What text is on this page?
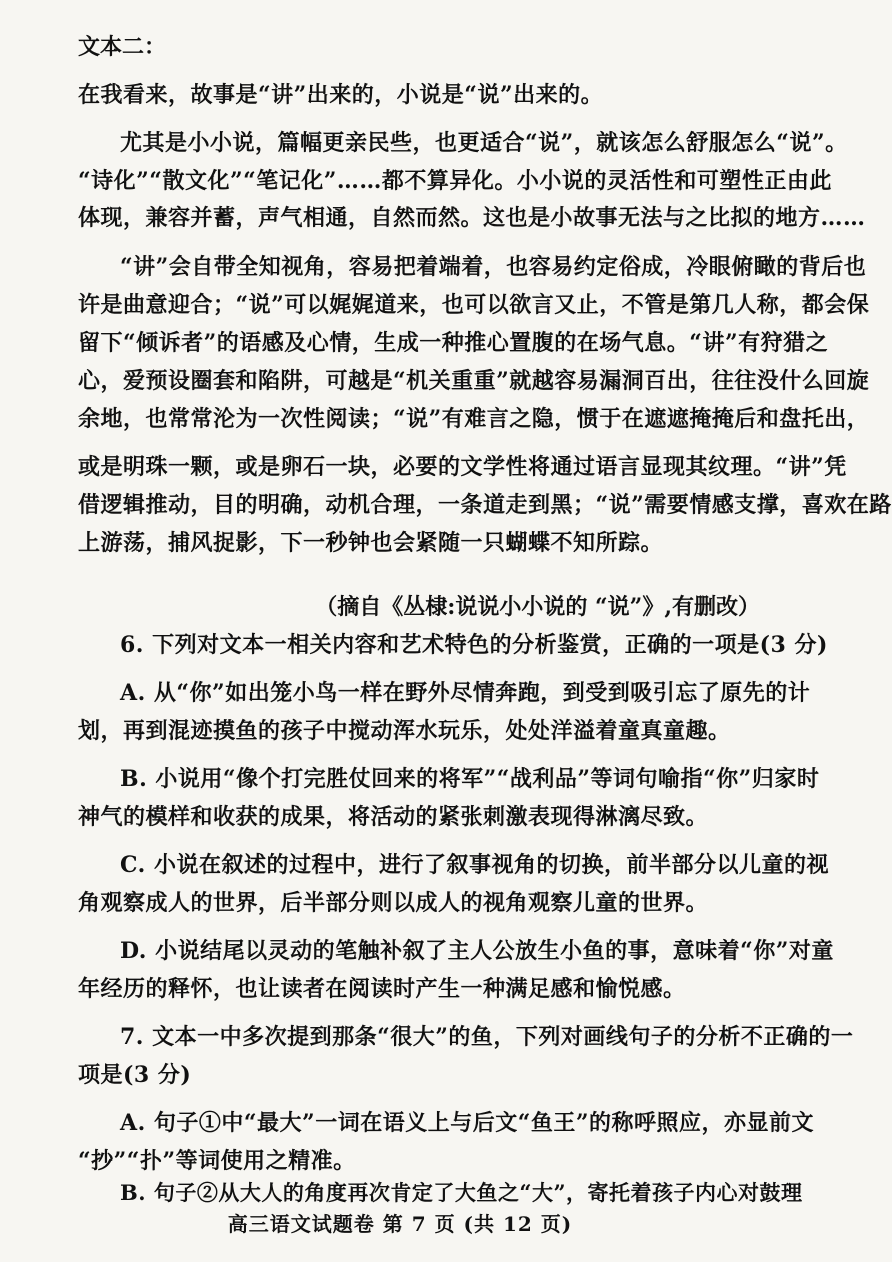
文本二：
在我看来，故事是“讲”出来的，小说是“说”出来的。
尤其是小小说，篇幅更亲民些，也更适合“说”，就该怎么舒服怎么“说”。
“诗化”“散文化”“笔记化”……都不算异化。小小说的灵活性和可塑性正由此
体现，兼容并蓄，声气相通，自然而然。这也是小故事无法与之比拟的地方……
“讲”会自带全知视角，容易把着端着，也容易约定俗成，冷眼俯瞰的背后也
许是曲意迎合；“说”可以娓娓道来，也可以欲言又止，不管是第几人称，都会保
留下“倾诉者”的语感及心情，生成一种推心置腹的在场气息。“讲”有狩猎之
心，爱预设圈套和陷阱，可越是“机关重重”就越容易漏洞百出，往往没什么回旋
余地，也常常沦为一次性阅读；“说”有难言之隐，惯于在遮遮掩掩后和盘托出，
或是明珠一颗，或是卵石一块，必要的文学性将通过语言显现其纹理。“讲”凭
借逻辑推动，目的明确，动机合理，一条道走到黑；“说”需要情感支撑，喜欢在路
上游荡，捕风捉影，下一秒钟也会紧随一只蝴蝶不知所踪。
（摘自《丛棣:说说小小说的 “说”》,有删改）
6. 下列对文本一相关内容和艺术特色的分析鉴赏，正确的一项是(3 分)
A. 从“你”如出笼小鸟一样在野外尽情奔跑，到受到吸引忘了原先的计
划，再到混迹摸鱼的孩子中搅动浑水玩乐，处处洋溢着童真童趣。
B. 小说用“像个打完胜仗回来的将军”“战利品”等词句喻指“你”归家时
神气的模样和收获的成果，将活动的紧张刺激表现得淋漓尽致。
C. 小说在叙述的过程中，进行了叙事视角的切换，前半部分以儿童的视
角观察成人的世界，后半部分则以成人的视角观察儿童的世界。
D. 小说结尾以灵动的笔触补叙了主人公放生小鱼的事，意味着“你”对童
年经历的释怀，也让读者在阅读时产生一种满足感和愉悦感。
7. 文本一中多次提到那条“很大”的鱼，下列对画线句子的分析不正确的一
项是(3 分)
A. 句子①中“最大”一词在语义上与后文“鱼王”的称呼照应，亦显前文
“抄”“扑”等词使用之精准。
B. 句子②从大人的角度再次肯定了大鱼之“大”，寄托着孩子内心对鼓理
高三语文试题卷 第 7 页 (共 12 页)
